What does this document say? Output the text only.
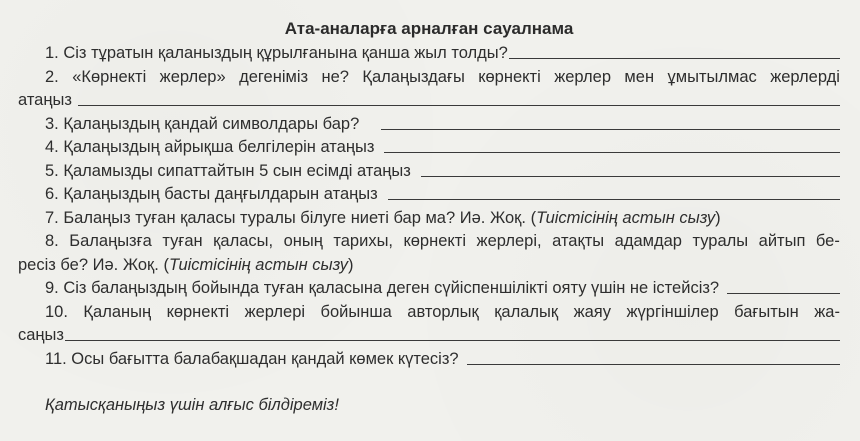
Ата-аналарға арналған сауалнама
1. Сіз тұратын қаланыздың құрылғанына қанша жыл толды?
2. «Көрнекті жерлер» дегеніміз не? Қалаңыздағы көрнекті жерлер мен ұмытылмас жерлерді
атаңыз
3. Қалаңыздың қандай символдары бар?
4. Қалаңыздың айрықша белгілерін атаңыз
5. Қаламызды сипаттайтын 5 сын есімді атаңыз
6. Қалаңыздың басты даңғылдарын атаңыз
7. Балаңыз туған қаласы туралы білуге ниеті бар ма? Иә. Жоқ. (Тиістісінің астын сызу)
8. Балаңызға туған қаласы, оның тарихы, көрнекті жерлері, атақты адамдар туралы айтып бе-
ресіз бе? Иә. Жоқ. (Тиістісінің астын сызу)
9. Сіз балаңыздың бойында туған қаласына деген сүйіспеншілікті ояту үшін не істейсіз?
10. Қаланың көрнекті жерлері бойынша авторлық қалалық жаяу жүргіншілер бағытын жа-
саңыз
11. Осы бағытта балабақшадан қандай көмек күтесіз?
Қатысқаныңыз үшін алғыс білдіреміз!
